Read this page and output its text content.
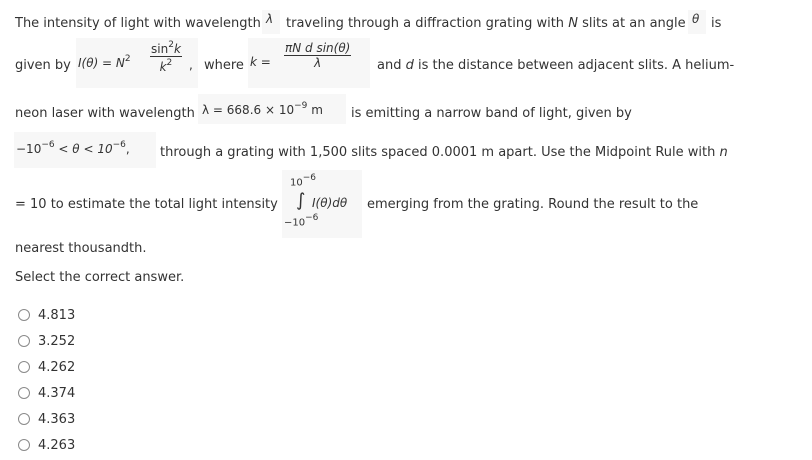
The intensity of light with wavelength λ traveling through a diffraction grating with N slits at an angle θ is
given by $I(\theta) = N^2 \frac{\sin^2k}{k^2}$ , where $k = \frac{\text{πN d sin(θ)}}{\lambda}$ and d is the distance between adjacent slits. A helium-
neon laser with wavelength $\lambda = 668.6 \times 10^{-9}$ m is emitting a narrow band of light, given by
$-10^{-6} < \theta < 10^{-6}$, through a grating with 1,500 slits spaced 0.0001 m apart. Use the Midpoint Rule with n
= 10 to estimate the total light intensity
$10^{-6}$
∫ I(θ)dθ
$-10^{-6}$
emerging from the grating. Round the result to the
nearest thousandth.
Select the correct answer.
4.813
3.252
4.262
4.374
4.363
4.263
